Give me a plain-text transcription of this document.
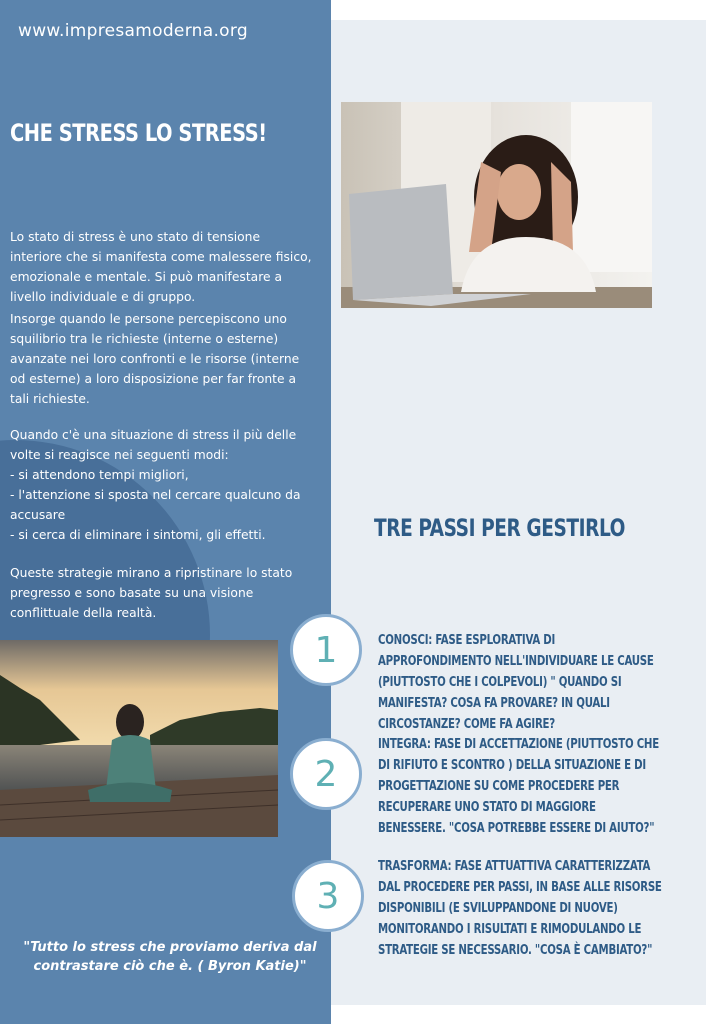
www.impresamoderna.org
CHE STRESS LO STRESS!
Lo stato di stress è uno stato di tensione interiore che si manifesta come malessere fisico, emozionale e mentale. Si può manifestare a livello individuale e di gruppo.
Insorge quando le persone percepiscono uno squilibrio tra le richieste (interne o esterne) avanzate nei loro confronti e le risorse (interne od esterne) a loro disposizione per far fronte a tali richieste.
Quando c'è una situazione di stress il più delle volte si reagisce nei seguenti modi:
- si attendono tempi migliori,
- l'attenzione si sposta nel cercare qualcuno da accusare
- si cerca di eliminare i sintomi, gli effetti.
Queste strategie mirano a ripristinare lo stato pregresso e sono basate su una visione conflittuale della realtà.
"Tutto lo stress che proviamo deriva dal contrastare ciò che è. ( Byron Katie)"
TRE PASSI PER GESTIRLO
1	CONOSCI: FASE ESPLORATIVA DI APPROFONDIMENTO NELL'INDIVIDUARE LE CAUSE (PIUTTOSTO CHE I COLPEVOLI) " QUANDO SI MANIFESTA? COSA FA PROVARE? IN QUALI CIRCOSTANZE? COME FA AGIRE?
2
INTEGRA: FASE DI ACCETTAZIONE (PIUTTOSTO CHE DI RIFIUTO E SCONTRO ) DELLA SITUAZIONE E DI PROGETTAZIONE SU COME PROCEDERE PER RECUPERARE UNO STATO DI MAGGIORE BENESSERE. "COSA POTREBBE ESSERE DI AIUTO?"
3
TRASFORMA: FASE ATTUATTIVA CARATTERIZZATA DAL PROCEDERE PER PASSI, IN BASE ALLE RISORSE DISPONIBILI (E SVILUPPANDONE DI NUOVE) MONITORANDO I RISULTATI E RIMODULANDO LE STRATEGIE SE NECESSARIO. "COSA È CAMBIATO?"
